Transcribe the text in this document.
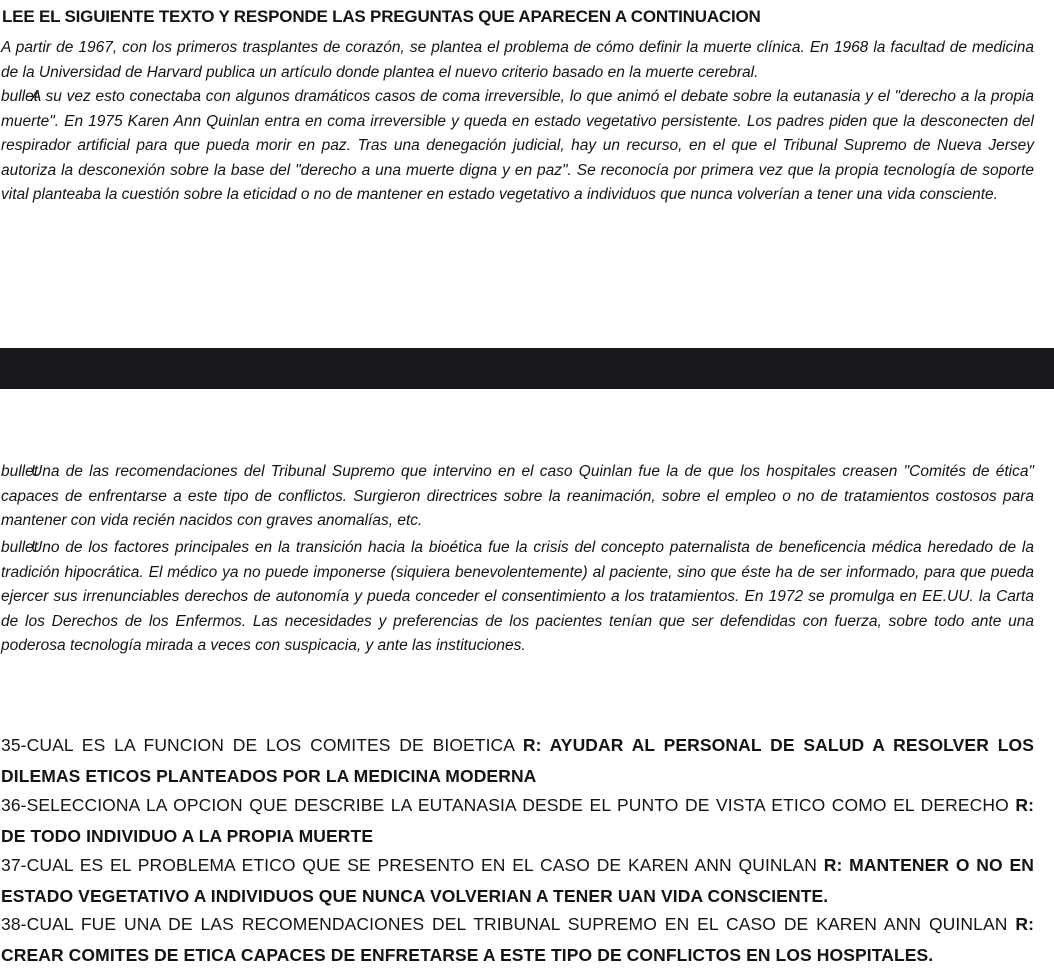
LEE EL SIGUIENTE TEXTO Y RESPONDE LAS PREGUNTAS QUE APARECEN A CONTINUACION

A partir de 1967, con los primeros trasplantes de corazón, se plantea el problema de cómo definir la muerte clínica. En 1968 la facultad de medicina de la Universidad de Harvard publica un artículo donde plantea el nuevo criterio basado en la muerte cerebral.
bulletA su vez esto conectaba con algunos dramáticos casos de coma irreversible, lo que animó el debate sobre la eutanasia y el "derecho a la propia muerte". En 1975 Karen Ann Quinlan entra en coma irreversible y queda en estado vegetativo persistente. Los padres piden que la desconecten del respirador artificial para que pueda morir en paz. Tras una denegación judicial, hay un recurso, en el que el Tribunal Supremo de Nueva Jersey autoriza la desconexión sobre la base del "derecho a una muerte digna y en paz". Se reconocía por primera vez que la propia tecnología de soporte vital planteaba la cuestión sobre la eticidad o no de mantener en estado vegetativo a individuos que nunca volverían a tener una vida consciente.

bulletUna de las recomendaciones del Tribunal Supremo que intervino en el caso Quinlan fue la de que los hospitales creasen "Comités de ética" capaces de enfrentarse a este tipo de conflictos. Surgieron directrices sobre la reanimación, sobre el empleo o no de tratamientos costosos para mantener con vida recién nacidos con graves anomalías, etc.

bulletUno de los factores principales en la transición hacia la bioética fue la crisis del concepto paternalista de beneficencia médica heredado de la tradición hipocrática. El médico ya no puede imponerse (siquiera benevolentemente) al paciente, sino que éste ha de ser informado, para que pueda ejercer sus irrenunciables derechos de autonomía y pueda conceder el consentimiento a los tratamientos. En 1972 se promulga en EE.UU. la Carta de los Derechos de los Enfermos. Las necesidades y preferencias de los pacientes tenían que ser defendidas con fuerza, sobre todo ante una poderosa tecnología mirada a veces con suspicacia, y ante las instituciones.

35-CUAL ES LA FUNCION DE LOS COMITES DE BIOETICA R: AYUDAR AL PERSONAL DE SALUD A RESOLVER LOS DILEMAS ETICOS PLANTEADOS POR LA MEDICINA MODERNA

36-SELECCIONA LA OPCION QUE DESCRIBE LA EUTANASIA DESDE EL PUNTO DE VISTA ETICO COMO EL DERECHO R: DE TODO INDIVIDUO A LA PROPIA MUERTE

37-CUAL ES EL PROBLEMA ETICO QUE SE PRESENTO EN EL CASO DE KAREN ANN QUINLAN R: MANTENER O NO EN ESTADO VEGETATIVO A INDIVIDUOS QUE NUNCA VOLVERIAN A TENER UAN VIDA CONSCIENTE.

38-CUAL FUE UNA DE LAS RECOMENDACIONES DEL TRIBUNAL SUPREMO EN EL CASO DE KAREN ANN QUINLAN R: CREAR COMITES DE ETICA CAPACES DE ENFRETARSE A ESTE TIPO DE CONFLICTOS EN LOS HOSPITALES.
